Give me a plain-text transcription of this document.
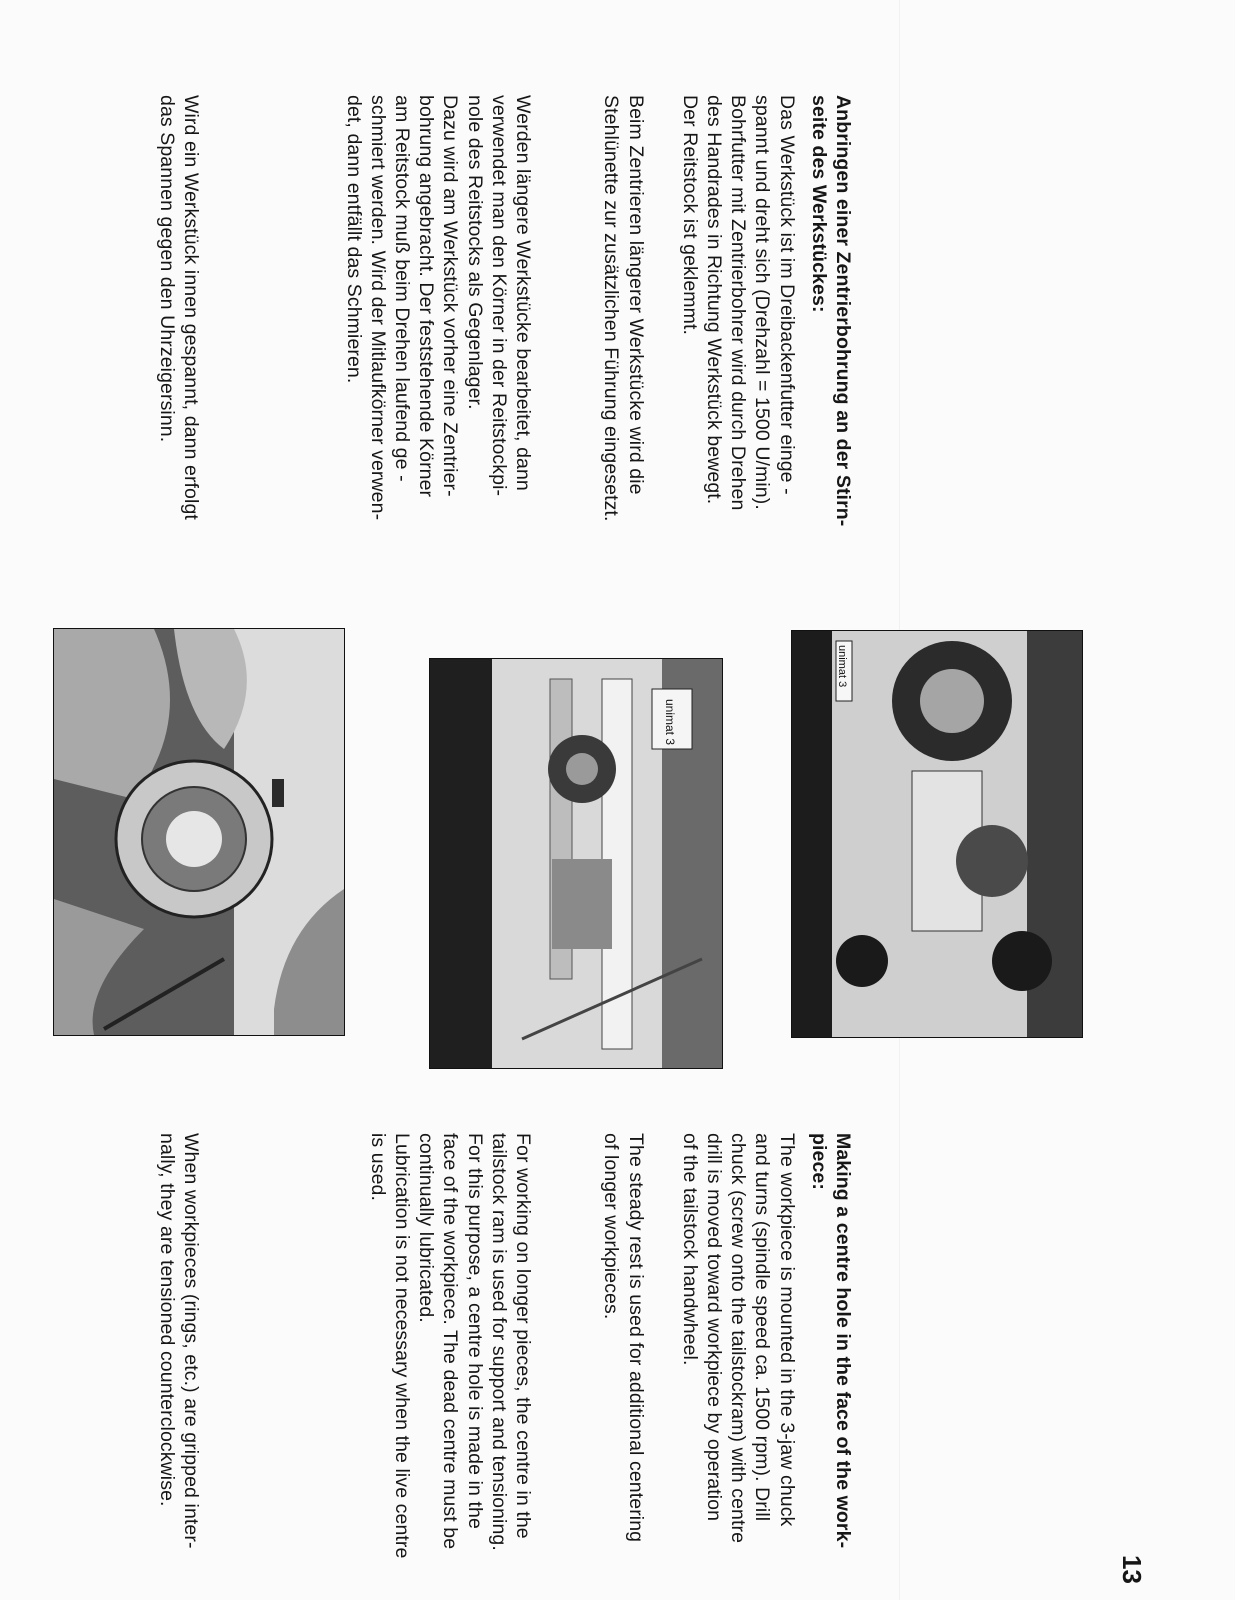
Wird ein Werkstück innen gespannt, dann erfolgt
das Spannen gegen den Uhrzeigersinn.

Werden längere Werkstücke bearbeitet, dann
verwendet man den Körner in der Reitstockpi-
nole des Reitstocks als Gegenlager.
Dazu wird am Werkstück vorher eine Zentrier-
bohrung angebracht. Der feststehende Körner
am Reitstock muß beim Drehen laufend ge -
schmiert werden. Wird der Mitlaufkörner verwen-
det, dann entfällt das Schmieren.

Anbringen einer Zentrierbohrung an der Stirn-
seite des Werkstückes:

Das Werkstück ist im Dreibackenfutter einge -
spannt und dreht sich (Drehzahl = 1500 U/min).
Bohrfutter mit Zentrierbohrer wird durch Drehen
des Handrades in Richtung Werkstück bewegt.
Der Reitstock ist geklemmt.

Beim Zentrieren längerer Werkstücke wird die
Stehlünette zur zusätzlichen Führung eingesetzt.

unimat 3
unimat 3

When workpieces (rings, etc.) are gripped inter-
nally, they are tensioned counterclockwise.

For working on longer pieces, the centre in the
tailstock ram is used for support and tensioning.
For this purpose, a centre hole is made in the
face of the workpiece. The dead centre must be
continually lubricated.
Lubrication is not necessary when the live centre
is used.	Making a centre hole in the face of the work-
piece:

The workpiece is mounted in the 3-jaw chuck
and turns (spindle speed ca. 1500 rpm). Drill
chuck (screw onto the tailstockram) with centre
drill is moved toward workpiece by operation
of the tailstock handwheel.

The steady rest is used for additional centering
of longer workpieces.

13
